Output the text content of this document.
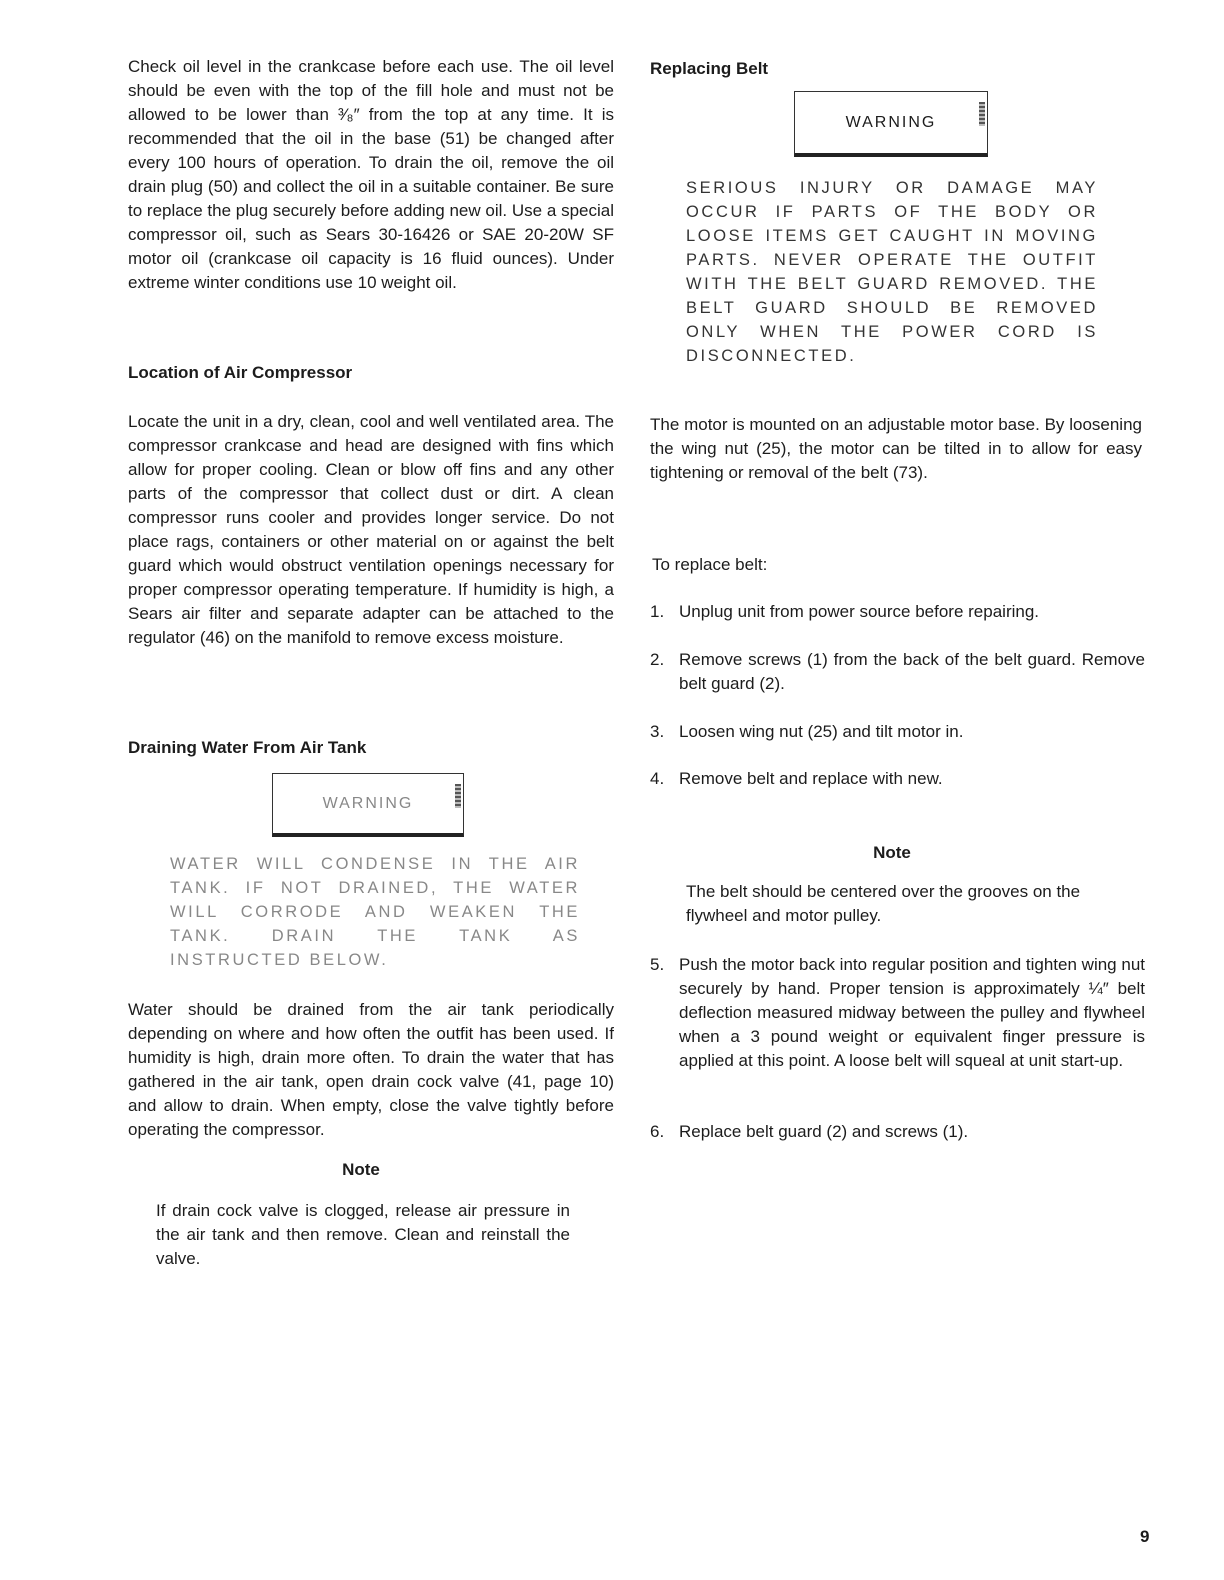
Check oil level in the crankcase before each use. The oil level should be even with the top of the fill hole and must not be allowed to be lower than ³⁄₈″ from the top at any time. It is recommended that the oil in the base (51) be changed after every 100 hours of operation. To drain the oil, remove the oil drain plug (50) and collect the oil in a suitable container. Be sure to replace the plug securely before adding new oil. Use a special compressor oil, such as Sears 30-16426 or SAE 20-20W SF motor oil (crankcase oil capacity is 16 fluid ounces). Under extreme winter conditions use 10 weight oil.

Location of Air Compressor

Locate the unit in a dry, clean, cool and well ventilated area. The compressor crankcase and head are designed with fins which allow for proper cooling. Clean or blow off fins and any other parts of the compressor that collect dust or dirt. A clean compressor runs cooler and provides longer service. Do not place rags, containers or other material on or against the belt guard which would obstruct ventilation openings necessary for proper compressor operating temperature. If humidity is high, a Sears air filter and separate adapter can be attached to the regulator (46) on the manifold to remove excess moisture.

Draining Water From Air Tank

WARNING

WATER WILL CONDENSE IN THE AIR TANK. IF NOT DRAINED, THE WATER WILL CORRODE AND WEAKEN THE TANK. DRAIN THE TANK AS INSTRUCTED BELOW.

Water should be drained from the air tank periodically depending on where and how often the outfit has been used. If humidity is high, drain more often. To drain the water that has gathered in the air tank, open drain cock valve (41, page 10) and allow to drain. When empty, close the valve tightly before operating the compressor.

Note

If drain cock valve is clogged, release air pressure in the air tank and then remove. Clean and reinstall the valve.

Replacing Belt

WARNING

SERIOUS INJURY OR DAMAGE MAY OCCUR IF PARTS OF THE BODY OR LOOSE ITEMS GET CAUGHT IN MOVING PARTS. NEVER OPERATE THE OUTFIT WITH THE BELT GUARD REMOVED. THE BELT GUARD SHOULD BE REMOVED ONLY WHEN THE POWER CORD IS DISCONNECTED.

The motor is mounted on an adjustable motor base. By loosening the wing nut (25), the motor can be tilted in to allow for easy tightening or removal of the belt (73).

To replace belt:

1. Unplug unit from power source before repairing.
2. Remove screws (1) from the back of the belt guard. Remove belt guard (2).
3. Loosen wing nut (25) and tilt motor in.
4. Remove belt and replace with new.
5. Push the motor back into regular position and tighten wing nut securely by hand. Proper tension is approximately ¼″ belt deflection measured midway between the pulley and flywheel when a 3 pound weight or equivalent finger pressure is applied at this point. A loose belt will squeal at unit start-up.
6. Replace belt guard (2) and screws (1).

Note

The belt should be centered over the grooves on the flywheel and motor pulley.

9
